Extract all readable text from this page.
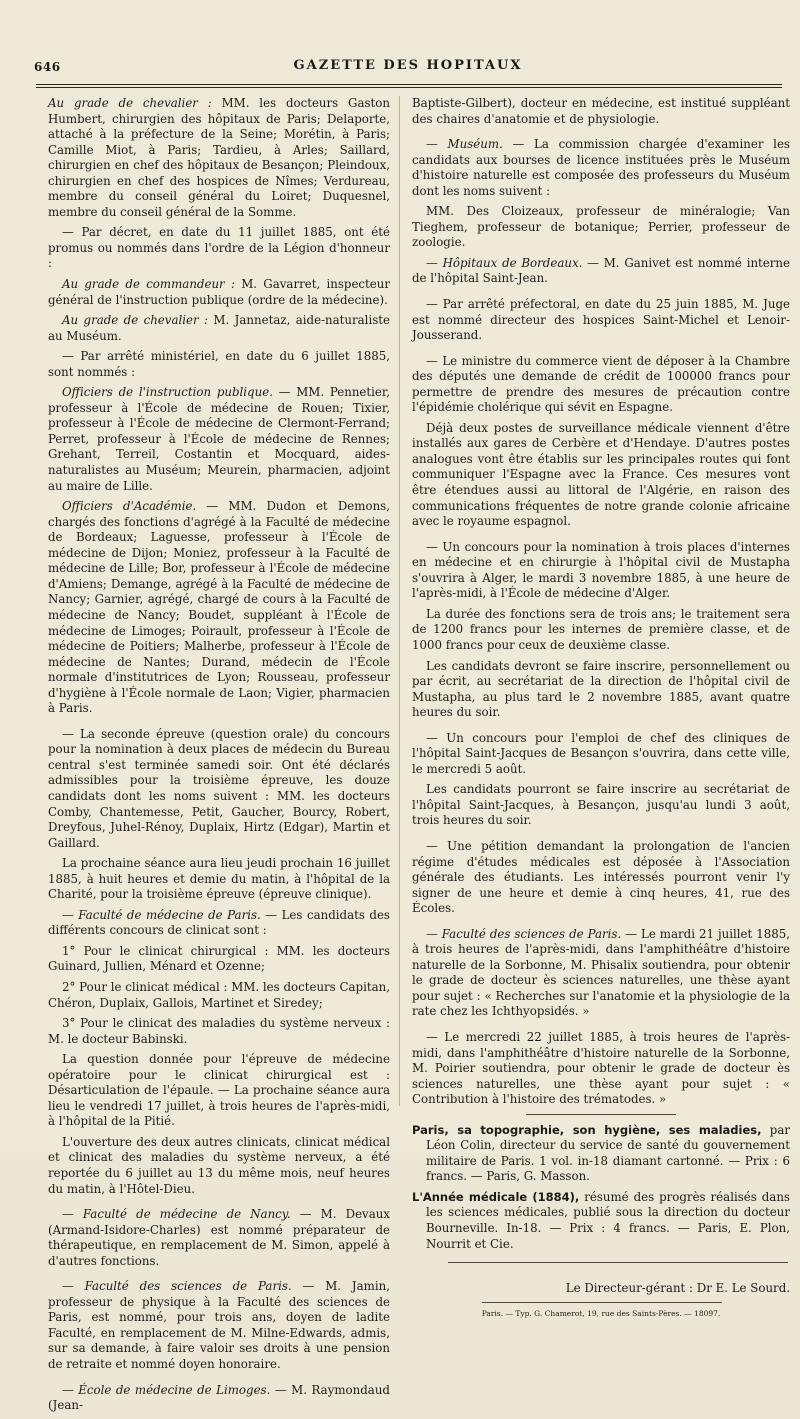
646	GAZETTE DES HOPITAUX

Au grade de chevalier : MM. les docteurs Gaston Humbert, chirurgien des hôpitaux de Paris; Delaporte, attaché à la préfecture de la Seine; Morétin, à Paris; Camille Miot, à Paris; Tardieu, à Arles; Saillard, chirurgien en chef des hôpitaux de Besançon; Pleindoux, chirurgien en chef des hospices de Nîmes; Verdureau, membre du conseil général du Loiret; Duquesnel, membre du conseil général de la Somme.

— Par décret, en date du 11 juillet 1885, ont été promus ou nommés dans l'ordre de la Légion d'honneur :

Au grade de commandeur : M. Gavarret, inspecteur général de l'instruction publique (ordre de la médecine).

Au grade de chevalier : M. Jannetaz, aide-naturaliste au Muséum.

— Par arrêté ministériel, en date du 6 juillet 1885, sont nommés :

Officiers de l'instruction publique. — MM. Pennetier, professeur à l'École de médecine de Rouen; Tixier, professeur à l'École de médecine de Clermont-Ferrand; Perret, professeur à l'École de médecine de Rennes; Grehant, Terreil, Costantin et Mocquard, aides-naturalistes au Muséum; Meurein, pharmacien, adjoint au maire de Lille.

Officiers d'Académie. — MM. Dudon et Demons, chargés des fonctions d'agrégé à la Faculté de médecine de Bordeaux; Laguesse, professeur à l'École de médecine de Dijon; Moniez, professeur à la Faculté de médecine de Lille; Bor, professeur à l'École de médecine d'Amiens; Demange, agrégé à la Faculté de médecine de Nancy; Garnier, agrégé, chargé de cours à la Faculté de médecine de Nancy; Boudet, suppléant à l'École de médecine de Limoges; Poirault, professeur à l'École de médecine de Poitiers; Malherbe, professeur à l'École de médecine de Nantes; Durand, médecin de l'École normale d'institutrices de Lyon; Rousseau, professeur d'hygiène à l'École normale de Laon; Vigier, pharmacien à Paris.

— La seconde épreuve (question orale) du concours pour la nomination à deux places de médecin du Bureau central s'est terminée samedi soir. Ont été déclarés admissibles pour la troisième épreuve, les douze candidats dont les noms suivent : MM. les docteurs Comby, Chantemesse, Petit, Gaucher, Bourcy, Robert, Dreyfous, Juhel-Rénoy, Duplaix, Hirtz (Edgar), Martin et Gaillard.

La prochaine séance aura lieu jeudi prochain 16 juillet 1885, à huit heures et demie du matin, à l'hôpital de la Charité, pour la troisième épreuve (épreuve clinique).

— Faculté de médecine de Paris. — Les candidats des différents concours de clinicat sont :

1° Pour le clinicat chirurgical : MM. les docteurs Guinard, Jullien, Ménard et Ozenne;

2° Pour le clinicat médical : MM. les docteurs Capitan, Chéron, Duplaix, Gallois, Martinet et Siredey;

3° Pour le clinicat des maladies du système nerveux : M. le docteur Babinski.

La question donnée pour l'épreuve de médecine opératoire pour le clinicat chirurgical est : Désarticulation de l'épaule. — La prochaine séance aura lieu le vendredi 17 juillet, à trois heures de l'après-midi, à l'hôpital de la Pitié.

L'ouverture des deux autres clinicats, clinicat médical et clinicat des maladies du système nerveux, a été reportée du 6 juillet au 13 du même mois, neuf heures du matin, à l'Hôtel-Dieu.

— Faculté de médecine de Nancy. — M. Devaux (Armand-Isidore-Charles) est nommé préparateur de thérapeutique, en remplacement de M. Simon, appelé à d'autres fonctions.

— Faculté des sciences de Paris. — M. Jamin, professeur de physique à la Faculté des sciences de Paris, est nommé, pour trois ans, doyen de ladite Faculté, en remplacement de M. Milne-Edwards, admis, sur sa demande, à faire valoir ses droits à une pension de retraite et nommé doyen honoraire.

— École de médecine de Limoges. — M. Raymondaud (Jean-

Baptiste-Gilbert), docteur en médecine, est institué suppléant des chaires d'anatomie et de physiologie.

— Muséum. — La commission chargée d'examiner les candidats aux bourses de licence instituées près le Muséum d'histoire naturelle est composée des professeurs du Muséum dont les noms suivent :

MM. Des Cloizeaux, professeur de minéralogie; Van Tieghem, professeur de botanique; Perrier, professeur de zoologie.

— Hôpitaux de Bordeaux. — M. Ganivet est nommé interne de l'hôpital Saint-Jean.

— Par arrêté préfectoral, en date du 25 juin 1885, M. Juge est nommé directeur des hospices Saint-Michel et Lenoir-Jousserand.

— Le ministre du commerce vient de déposer à la Chambre des députés une demande de crédit de 100000 francs pour permettre de prendre des mesures de précaution contre l'épidémie cholérique qui sévit en Espagne.

Déjà deux postes de surveillance médicale viennent d'être installés aux gares de Cerbère et d'Hendaye. D'autres postes analogues vont être établis sur les principales routes qui font communiquer l'Espagne avec la France. Ces mesures vont être étendues aussi au littoral de l'Algérie, en raison des communications fréquentes de notre grande colonie africaine avec le royaume espagnol.

— Un concours pour la nomination à trois places d'internes en médecine et en chirurgie à l'hôpital civil de Mustapha s'ouvrira à Alger, le mardi 3 novembre 1885, à une heure de l'après-midi, à l'École de médecine d'Alger.

La durée des fonctions sera de trois ans; le traitement sera de 1200 francs pour les internes de première classe, et de 1000 francs pour ceux de deuxième classe.

Les candidats devront se faire inscrire, personnellement ou par écrit, au secrétariat de la direction de l'hôpital civil de Mustapha, au plus tard le 2 novembre 1885, avant quatre heures du soir.

— Un concours pour l'emploi de chef des cliniques de l'hôpital Saint-Jacques de Besançon s'ouvrira, dans cette ville, le mercredi 5 août.

Les candidats pourront se faire inscrire au secrétariat de l'hôpital Saint-Jacques, à Besançon, jusqu'au lundi 3 août, trois heures du soir.

— Une pétition demandant la prolongation de l'ancien régime d'études médicales est déposée à l'Association générale des étudiants. Les intéressés pourront venir l'y signer de une heure et demie à cinq heures, 41, rue des Écoles.

— Faculté des sciences de Paris. — Le mardi 21 juillet 1885, à trois heures de l'après-midi, dans l'amphithéâtre d'histoire naturelle de la Sorbonne, M. Phisalix soutiendra, pour obtenir le grade de docteur ès sciences naturelles, une thèse ayant pour sujet : « Recherches sur l'anatomie et la physiologie de la rate chez les Ichthyopsidés. »

— Le mercredi 22 juillet 1885, à trois heures de l'après-midi, dans l'amphithéâtre d'histoire naturelle de la Sorbonne, M. Poirier soutiendra, pour obtenir le grade de docteur ès sciences naturelles, une thèse ayant pour sujet : « Contribution à l'histoire des trématodes. »

Paris, sa topographie, son hygiène, ses maladies, par Léon Colin, directeur du service de santé du gouvernement militaire de Paris. 1 vol. in-18 diamant cartonné. — Prix : 6 francs. — Paris, G. Masson.

L'Année médicale (1884), résumé des progrès réalisés dans les sciences médicales, publié sous la direction du docteur Bourneville. In-18. — Prix : 4 francs. — Paris, E. Plon, Nourrit et Cie.

Le Directeur-gérant : Dr E. Le Sourd.

Paris. — Typ. G. Chamerot, 19, rue des Saints-Pères. — 18097.
